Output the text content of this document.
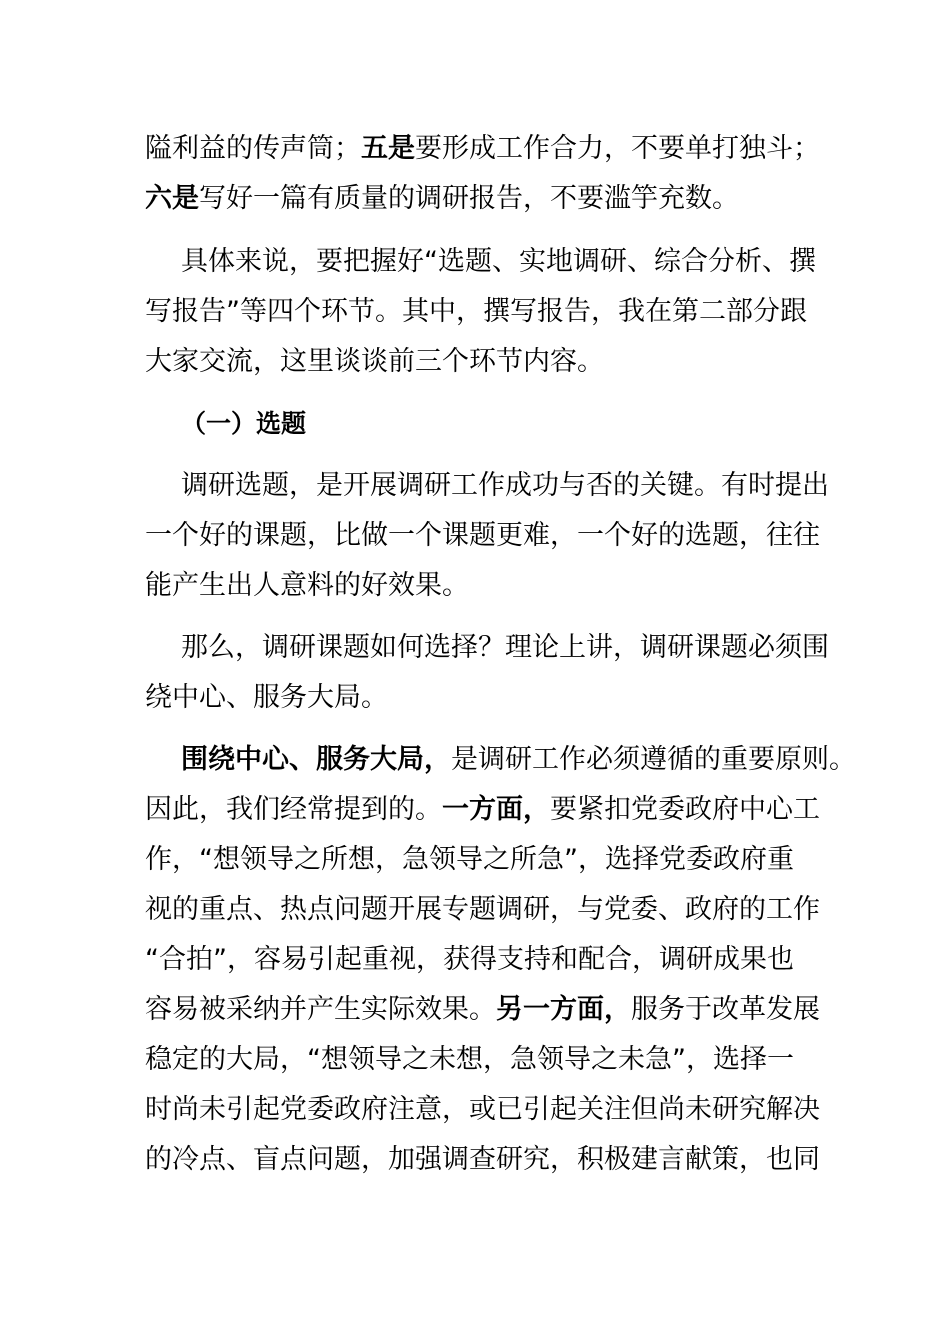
隘利益的传声筒；五是要形成工作合力，不要单打独斗；
六是写好一篇有质量的调研报告，不要滥竽充数。
具体来说，要把握好“选题、实地调研、综合分析、撰
写报告”等四个环节。其中，撰写报告，我在第二部分跟
大家交流，这里谈谈前三个环节内容。
（一）选题
调研选题，是开展调研工作成功与否的关键。有时提出
一个好的课题，比做一个课题更难，一个好的选题，往往
能产生出人意料的好效果。
那么，调研课题如何选择？理论上讲，调研课题必须围
绕中心、服务大局。
围绕中心、服务大局，是调研工作必须遵循的重要原则。
因此，我们经常提到的。一方面，要紧扣党委政府中心工
作，“想领导之所想，急领导之所急”，选择党委政府重
视的重点、热点问题开展专题调研，与党委、政府的工作
“合拍”，容易引起重视，获得支持和配合，调研成果也
容易被采纳并产生实际效果。另一方面，服务于改革发展
稳定的大局，“想领导之未想，急领导之未急”，选择一
时尚未引起党委政府注意，或已引起关注但尚未研究解决
的冷点、盲点问题，加强调查研究，积极建言献策，也同
